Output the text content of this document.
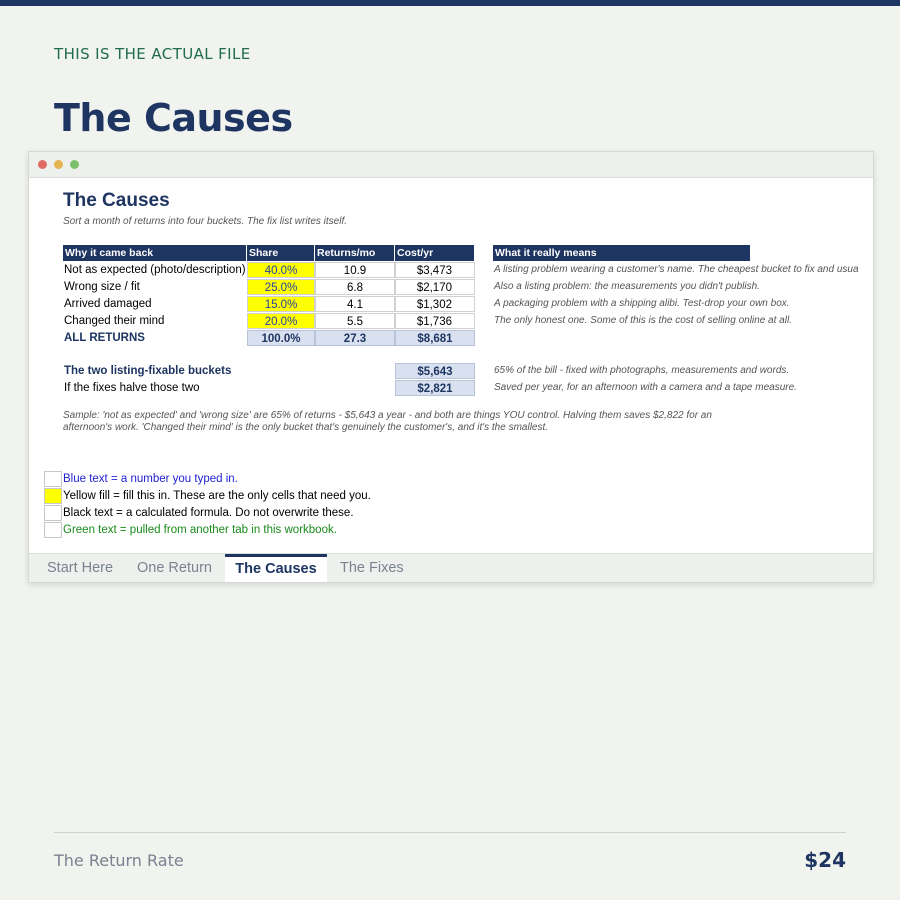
THIS IS THE ACTUAL FILE
The Causes
The Causes
Sort a month of returns into four buckets. The fix list writes itself.
Why it came back	Share	Returns/mo	Cost/yr	What it really means
Not as expected (photo/description)	40.0%	10.9	$3,473	A listing problem wearing a customer's name. The cheapest bucket to fix and usua
Wrong size / fit	25.0%	6.8	$2,170	Also a listing problem: the measurements you didn't publish.
Arrived damaged	15.0%	4.1	$1,302	A packaging problem with a shipping alibi. Test-drop your own box.
Changed their mind	20.0%	5.5	$1,736	The only honest one. Some of this is the cost of selling online at all.
ALL RETURNS	100.0%	27.3	$8,681
The two listing-fixable buckets	$5,643	65% of the bill - fixed with photographs, measurements and words.
If the fixes halve those two	$2,821	Saved per year, for an afternoon with a camera and a tape measure.
Sample: 'not as expected' and 'wrong size' are 65% of returns - $5,643 a year - and both are things YOU control. Halving them saves $2,822 for an afternoon's work. 'Changed their mind' is the only bucket that's genuinely the customer's, and it's the smallest.
Blue text = a number you typed in.
Yellow fill = fill this in. These are the only cells that need you.
Black text = a calculated formula. Do not overwrite these.
Green text = pulled from another tab in this workbook.
Start Here One Return	The Causes	The Fixes
The Return Rate	$24
